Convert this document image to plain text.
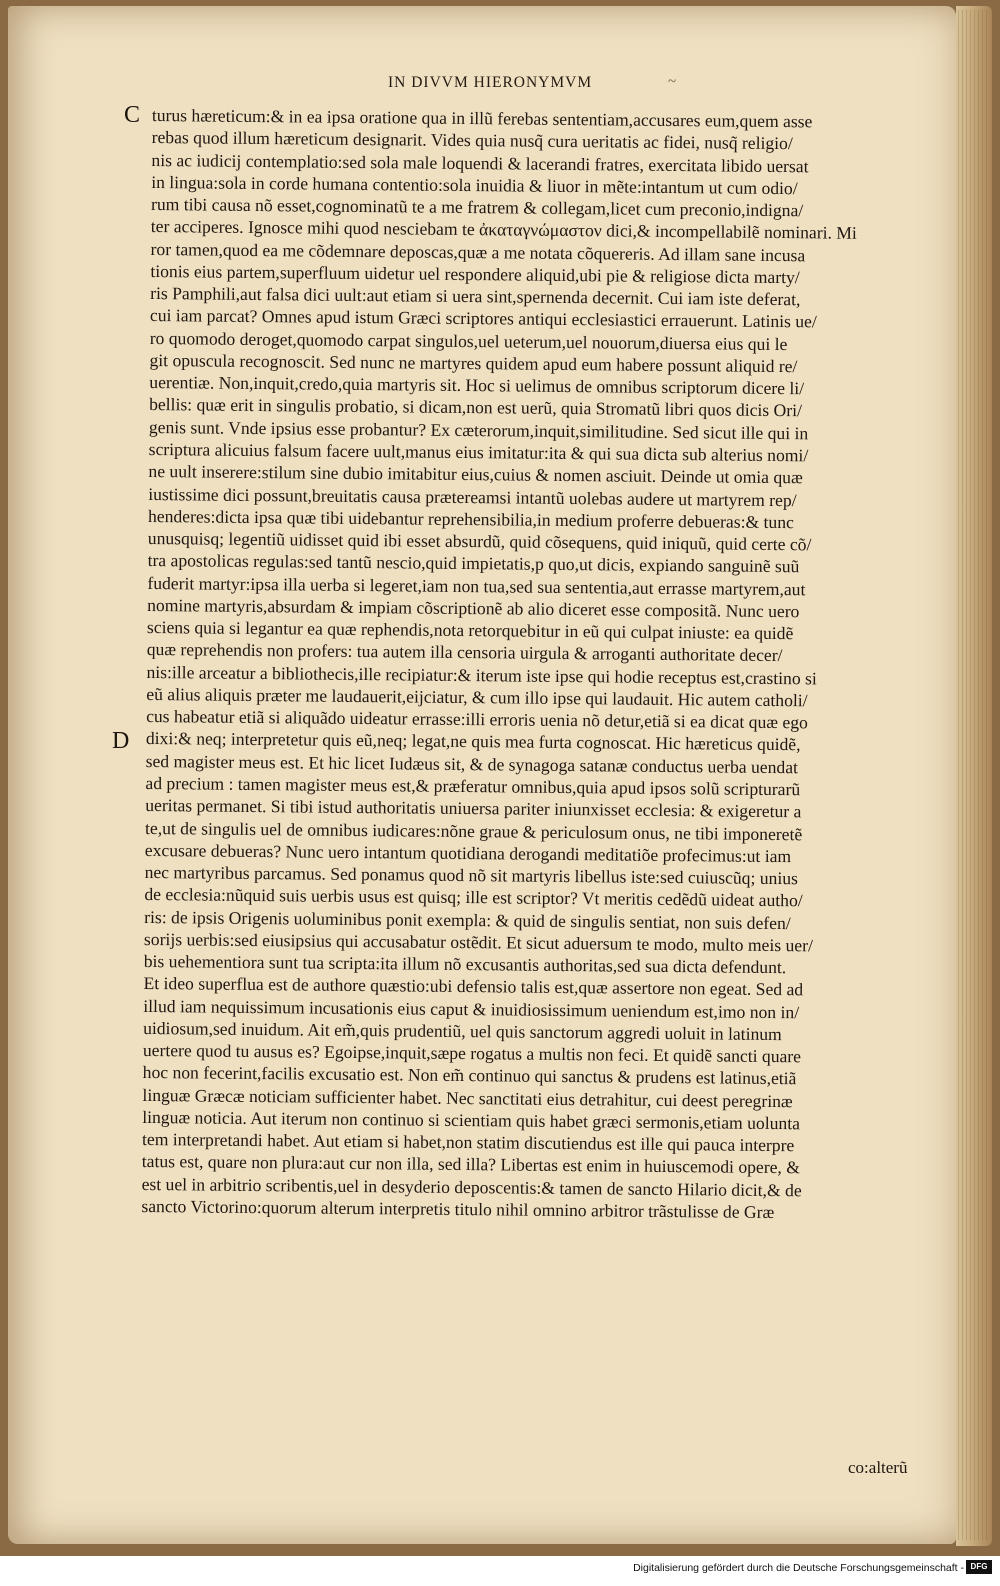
IN DIVVM HIERONYMVM	~
C
D
turus hæreticum:& in ea ipsa oratione qua in illũ ferebas sententiam,accusares eum,quem asse
rebas quod illum hæreticum designarit. Vides quia nusq̃ cura ueritatis ac fidei, nusq̃ religio/
nis ac iudicij contemplatio:sed sola male loquendi & lacerandi fratres, exercitata libido uersat
in lingua:sola in corde humana contentio:sola inuidia & liuor in mẽte:intantum ut cum odio/
rum tibi causa nõ esset,cognominatũ te a me fratrem & collegam,licet cum preconio,indigna/
ter acciperes. Ignosce mihi quod nesciebam te ἀκαταγνώμαστον dici,& incompellabilẽ nominari. Mi
ror tamen,quod ea me cõdemnare deposcas,quæ a me notata cõquereris. Ad illam sane incusa
tionis eius partem,superfluum uidetur uel respondere aliquid,ubi pie & religiose dicta marty/
ris Pamphili,aut falsa dici uult:aut etiam si uera sint,spernenda decernit. Cui iam iste deferat,
cui iam parcat? Omnes apud istum Græci scriptores antiqui ecclesiastici errauerunt. Latinis ue/
ro quomodo deroget,quomodo carpat singulos,uel ueterum,uel nouorum,diuersa eius qui le
git opuscula recognoscit. Sed nunc ne martyres quidem apud eum habere possunt aliquid re/
uerentiæ. Non,inquit,credo,quia martyris sit. Hoc si uelimus de omnibus scriptorum dicere li/
bellis: quæ erit in singulis probatio, si dicam,non est uerũ, quia Stromatũ libri quos dicis Ori/
genis sunt. Vnde ipsius esse probantur? Ex cæterorum,inquit,similitudine. Sed sicut ille qui in
scriptura alicuius falsum facere uult,manus eius imitatur:ita & qui sua dicta sub alterius nomi/
ne uult inserere:stilum sine dubio imitabitur eius,cuius & nomen asciuit. Deinde ut omia quæ
iustissime dici possunt,breuitatis causa prætereamsi intantũ uolebas audere ut martyrem rep/
henderes:dicta ipsa quæ tibi uidebantur reprehensibilia,in medium proferre debueras:& tunc
unusquisq; legentiũ uidisset quid ibi esset absurdũ, quid cõsequens, quid iniquũ, quid certe cõ/
tra apostolicas regulas:sed tantũ nescio,quid impietatis,p quo,ut dicis, expiando sanguinẽ suũ
fuderit martyr:ipsa illa uerba si legeret,iam non tua,sed sua sententia,aut errasse martyrem,aut
nomine martyris,absurdam & impiam cõscriptionẽ ab alio diceret esse compositã. Nunc uero
sciens quia si legantur ea quæ rephendis,nota retorquebitur in eũ qui culpat iniuste: ea quidẽ
quæ reprehendis non profers: tua autem illa censoria uirgula & arroganti authoritate decer/
nis:ille arceatur a bibliothecis,ille recipiatur:& iterum iste ipse qui hodie receptus est,crastino si
eũ alius aliquis præter me laudauerit,eijciatur, & cum illo ipse qui laudauit. Hic autem catholi/
cus habeatur etiã si aliquãdo uideatur errasse:illi erroris uenia nõ detur,etiã si ea dicat quæ ego
dixi:& neq; interpretetur quis eũ,neq; legat,ne quis mea furta cognoscat. Hic hæreticus quidẽ,
sed magister meus est. Et hic licet Iudæus sit, & de synagoga satanæ conductus uerba uendat
ad precium : tamen magister meus est,& præferatur omnibus,quia apud ipsos solũ scripturarũ
ueritas permanet. Si tibi istud authoritatis uniuersa pariter iniunxisset ecclesia: & exigeretur a
te,ut de singulis uel de omnibus iudicares:nõne graue & periculosum onus, ne tibi imponeretẽ
excusare debueras? Nunc uero intantum quotidiana derogandi meditatiõe profecimus:ut iam
nec martyribus parcamus. Sed ponamus quod nõ sit martyris libellus iste:sed cuiuscũq; unius
de ecclesia:nũquid suis uerbis usus est quisq; ille est scriptor? Vt meritis cedẽdũ uideat autho/
ris: de ipsis Origenis uoluminibus ponit exempla: & quid de singulis sentiat, non suis defen/
sorijs uerbis:sed eiusipsius qui accusabatur ostẽdit. Et sicut aduersum te modo, multo meis uer/
bis uehementiora sunt tua scripta:ita illum nõ excusantis authoritas,sed sua dicta defendunt.
Et ideo superflua est de authore quæstio:ubi defensio talis est,quæ assertore non egeat. Sed ad
illud iam nequissimum incusationis eius caput & inuidiosissimum ueniendum est,imo non in/
uidiosum,sed inuidum. Ait em̃,quis prudentiũ, uel quis sanctorum aggredi uoluit in latinum
uertere quod tu ausus es? Egoipse,inquit,sæpe rogatus a multis non feci. Et quidẽ sancti quare
hoc non fecerint,facilis excusatio est. Non em̃ continuo qui sanctus & prudens est latinus,etiã
linguæ Græcæ noticiam sufficienter habet. Nec sanctitati eius detrahitur, cui deest peregrinæ
linguæ noticia. Aut iterum non continuo si scientiam quis habet græci sermonis,etiam uolunta
tem interpretandi habet. Aut etiam si habet,non statim discutiendus est ille qui pauca interpre
tatus est, quare non plura:aut cur non illa, sed illa? Libertas est enim in huiuscemodi opere, &
est uel in arbitrio scribentis,uel in desyderio deposcentis:& tamen de sancto Hilario dicit,& de
sancto Victorino:quorum alterum interpretis titulo nihil omnino arbitror trãstulisse de Græ
co:alterũ
Digitalisierung gefördert durch die Deutsche Forschungsgemeinschaft - DFG
